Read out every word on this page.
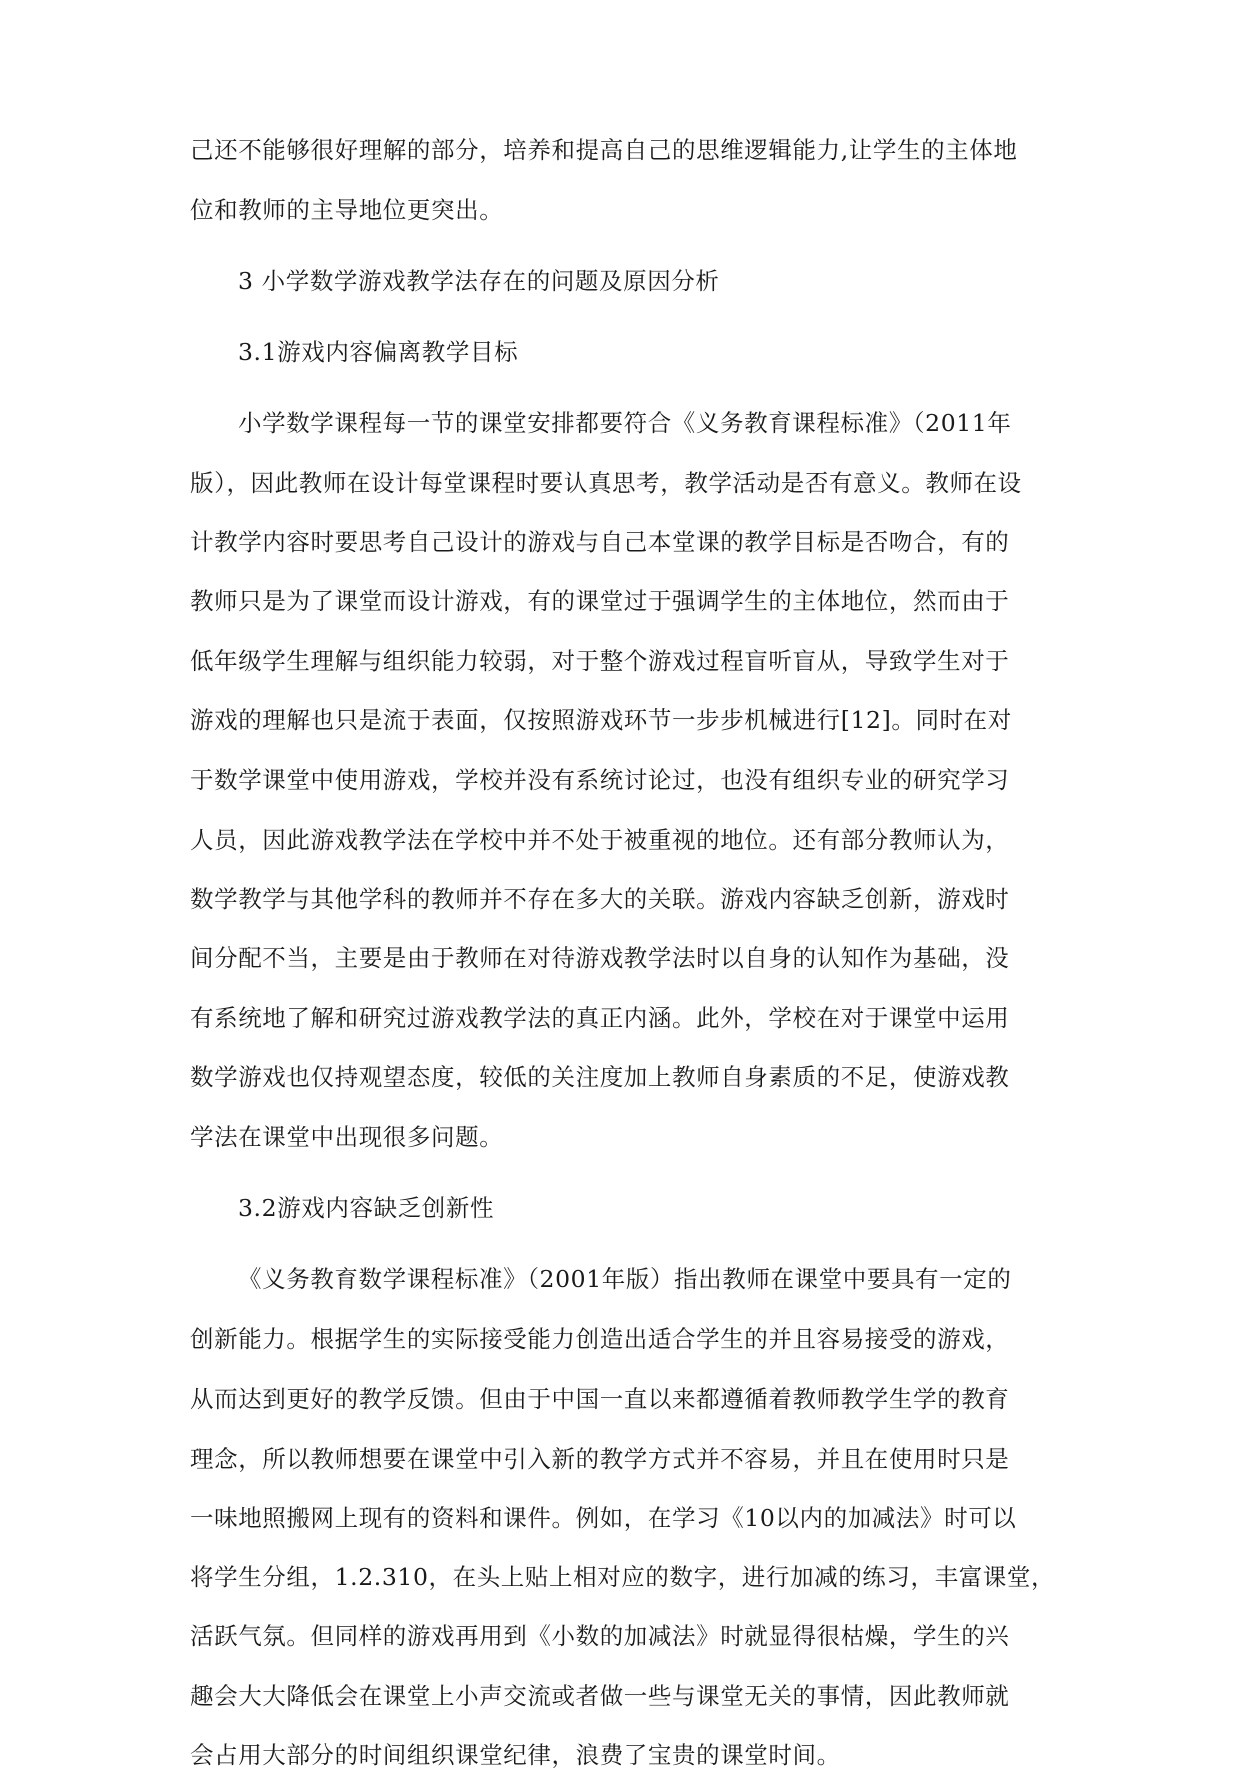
己还不能够很好理解的部分，培养和提高自己的思维逻辑能力,让学生的主体地
位和教师的主导地位更突出。
3 小学数学游戏教学法存在的问题及原因分析
3.1游戏内容偏离教学目标
小学数学课程每一节的课堂安排都要符合《义务教育课程标准》（2011年
版），因此教师在设计每堂课程时要认真思考，教学活动是否有意义。教师在设
计教学内容时要思考自己设计的游戏与自己本堂课的教学目标是否吻合，有的
教师只是为了课堂而设计游戏，有的课堂过于强调学生的主体地位，然而由于
低年级学生理解与组织能力较弱，对于整个游戏过程盲听盲从，导致学生对于
游戏的理解也只是流于表面，仅按照游戏环节一步步机械进行[12]。同时在对
于数学课堂中使用游戏，学校并没有系统讨论过，也没有组织专业的研究学习
人员，因此游戏教学法在学校中并不处于被重视的地位。还有部分教师认为，
数学教学与其他学科的教师并不存在多大的关联。游戏内容缺乏创新，游戏时
间分配不当，主要是由于教师在对待游戏教学法时以自身的认知作为基础，没
有系统地了解和研究过游戏教学法的真正内涵。此外，学校在对于课堂中运用
数学游戏也仅持观望态度，较低的关注度加上教师自身素质的不足，使游戏教
学法在课堂中出现很多问题。
3.2游戏内容缺乏创新性
《义务教育数学课程标准》（2001年版）指出教师在课堂中要具有一定的
创新能力。根据学生的实际接受能力创造出适合学生的并且容易接受的游戏，
从而达到更好的教学反馈。但由于中国一直以来都遵循着教师教学生学的教育
理念，所以教师想要在课堂中引入新的教学方式并不容易，并且在使用时只是
一味地照搬网上现有的资料和课件。例如，在学习《10以内的加减法》时可以
将学生分组，1.2.310，在头上贴上相对应的数字，进行加减的练习，丰富课堂，
活跃气氛。但同样的游戏再用到《小数的加减法》时就显得很枯燥，学生的兴
趣会大大降低会在课堂上小声交流或者做一些与课堂无关的事情，因此教师就
会占用大部分的时间组织课堂纪律，浪费了宝贵的课堂时间。
